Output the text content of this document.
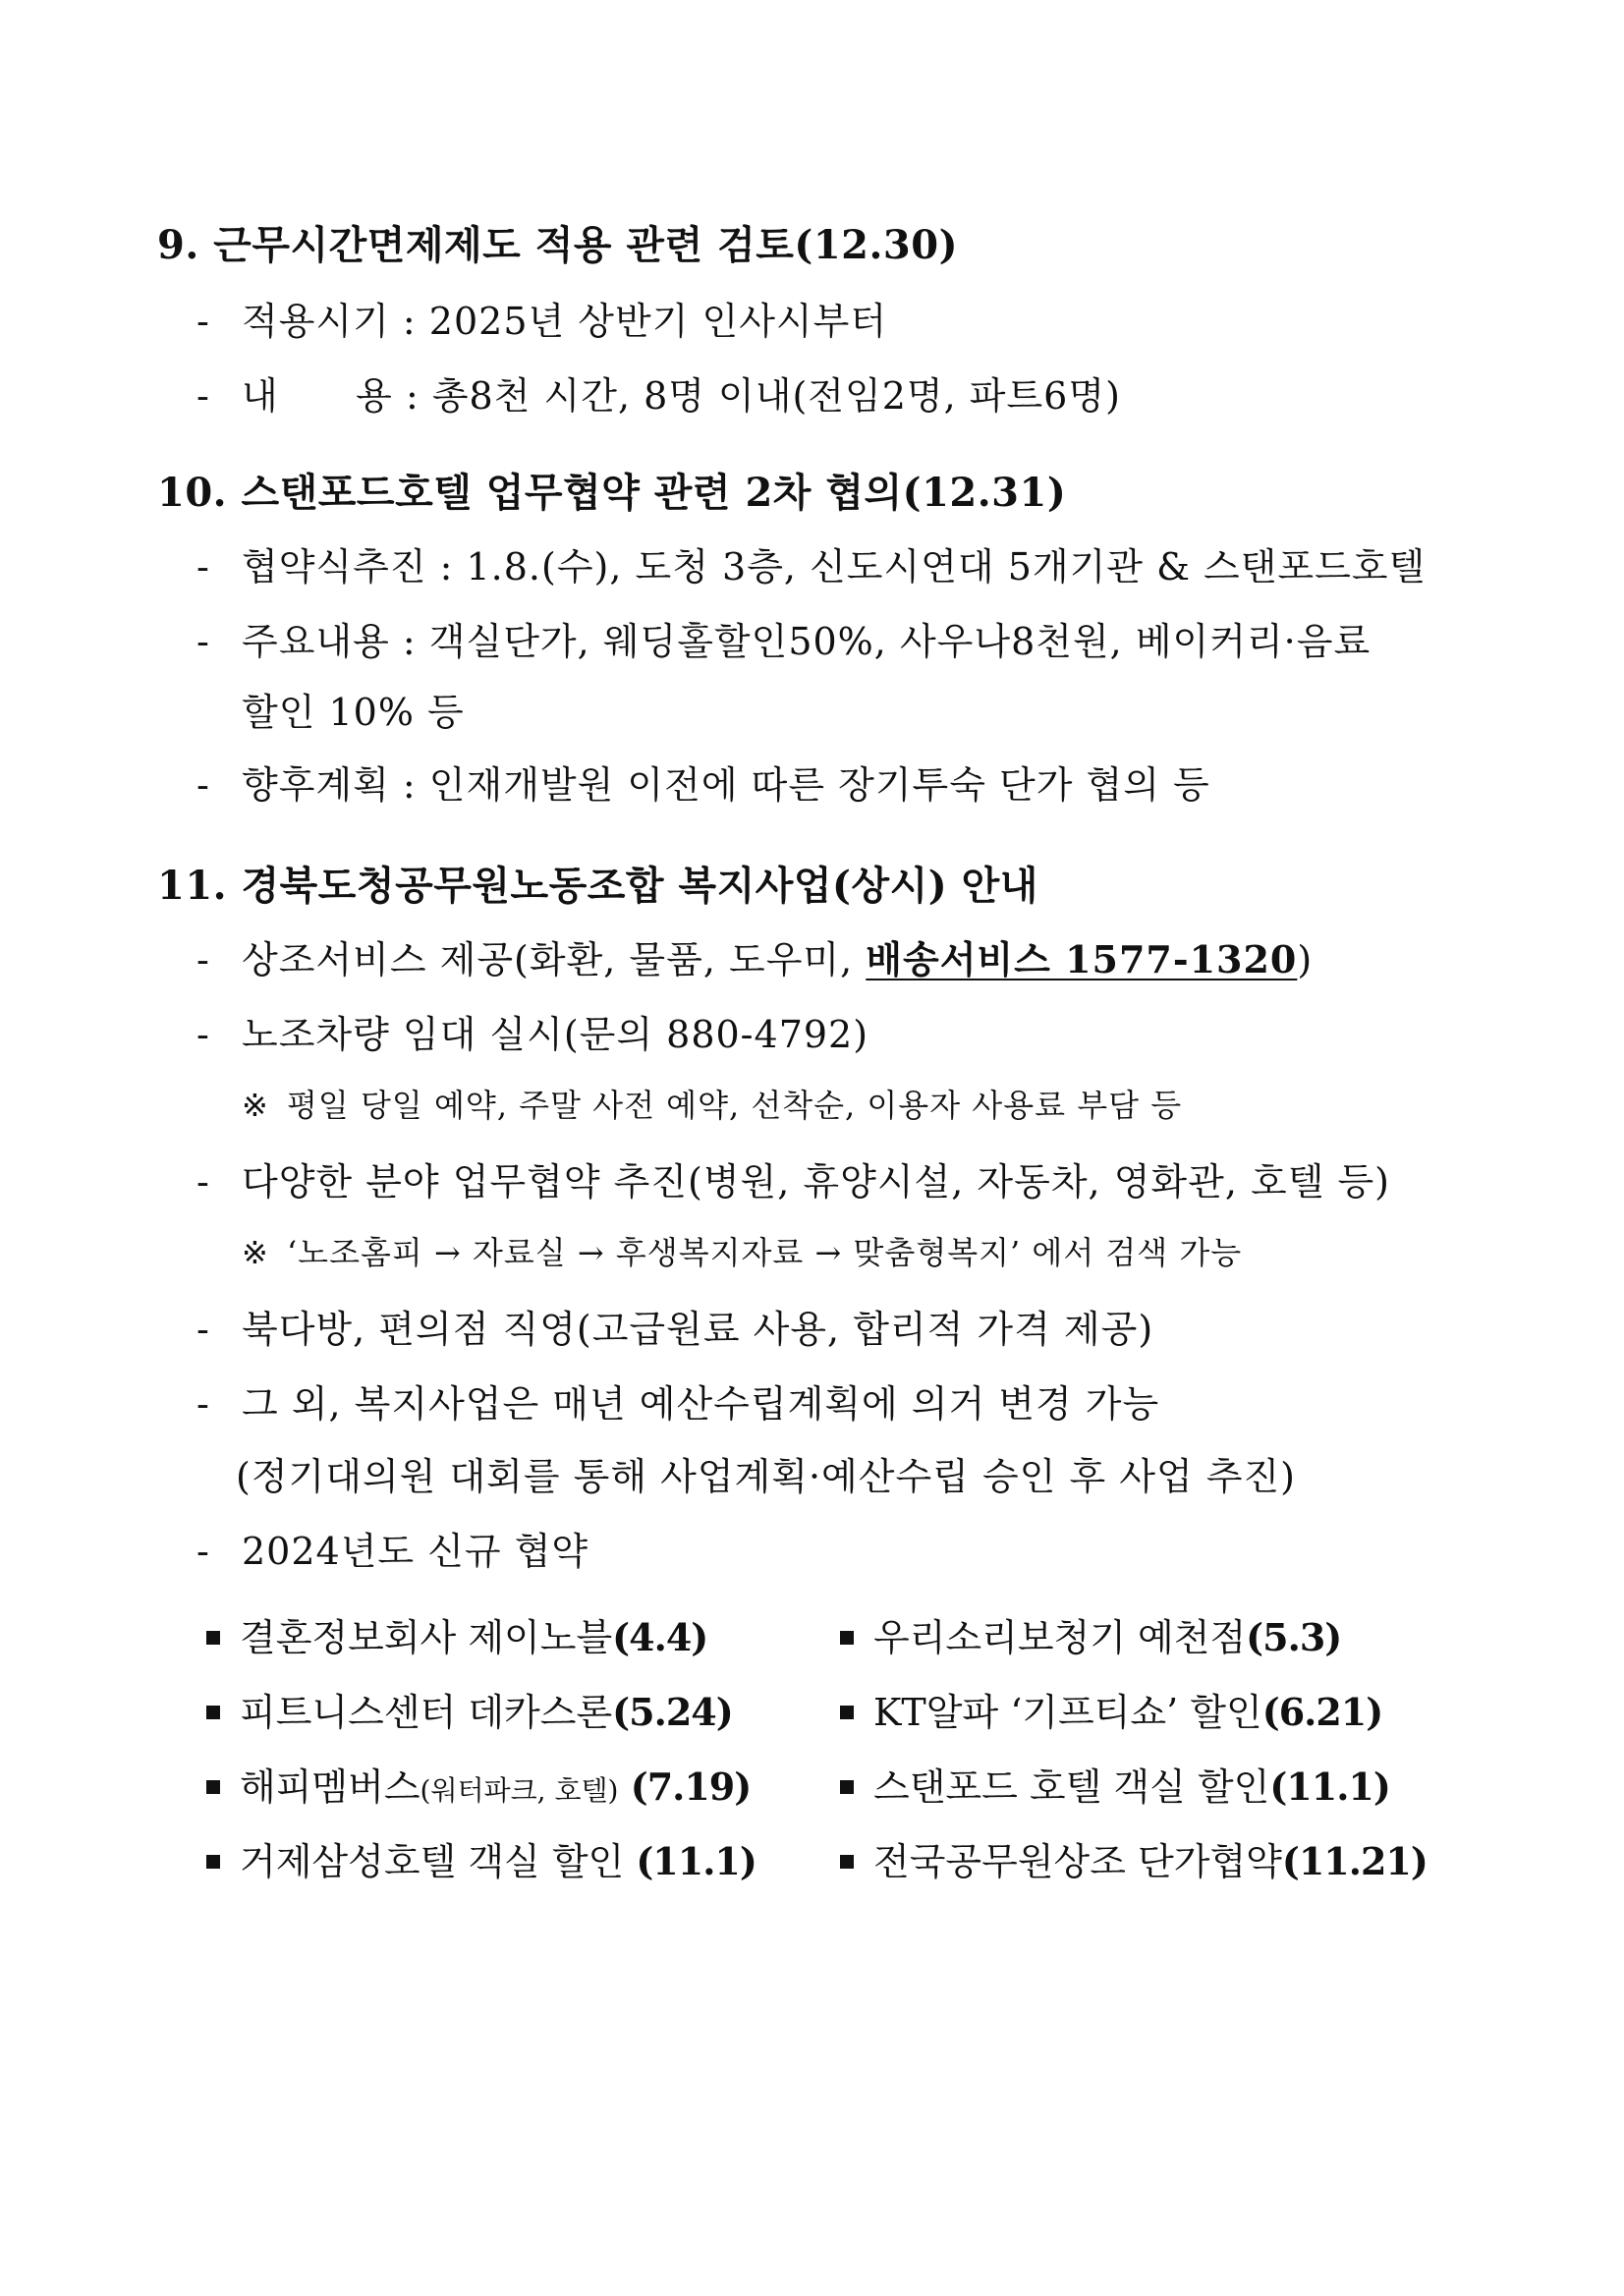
9. 근무시간면제제도 적용 관련 검토(12.30)
- 적용시기 : 2025년 상반기 인사시부터
- 내      용 : 총8천 시간, 8명 이내(전임2명, 파트6명)
10. 스탠포드호텔 업무협약 관련 2차 협의(12.31)
- 협약식추진 : 1.8.(수), 도청 3층, 신도시연대 5개기관 & 스탠포드호텔
- 주요내용 : 객실단가, 웨딩홀할인50%, 사우나8천원, 베이커리·음료
할인 10% 등
- 향후계획 : 인재개발원 이전에 따른 장기투숙 단가 협의 등
11. 경북도청공무원노동조합 복지사업(상시) 안내
- 상조서비스 제공(화환, 물품, 도우미, 배송서비스 1577-1320)
- 노조차량 임대 실시(문의 880-4792)
※ 평일 당일 예약, 주말 사전 예약, 선착순, 이용자 사용료 부담 등
- 다양한 분야 업무협약 추진(병원, 휴양시설, 자동차, 영화관, 호텔 등)
※ ‘노조홈피 → 자료실 → 후생복지자료 → 맞춤형복지’ 에서 검색 가능
- 북다방, 편의점 직영(고급원료 사용, 합리적 가격 제공)
- 그 외, 복지사업은 매년 예산수립계획에 의거 변경 가능
(정기대의원 대회를 통해 사업계획·예산수립 승인 후 사업 추진)
- 2024년도 신규 협약
결혼정보회사 제이노블(4.4)	우리소리보청기 예천점(5.3)
피트니스센터 데카스론(5.24)	KT알파 ‘기프티쇼’ 할인(6.21)
해피멤버스(워터파크, 호텔) (7.19)	스탠포드 호텔 객실 할인(11.1)
거제삼성호텔 객실 할인 (11.1)	전국공무원상조 단가협약(11.21)
